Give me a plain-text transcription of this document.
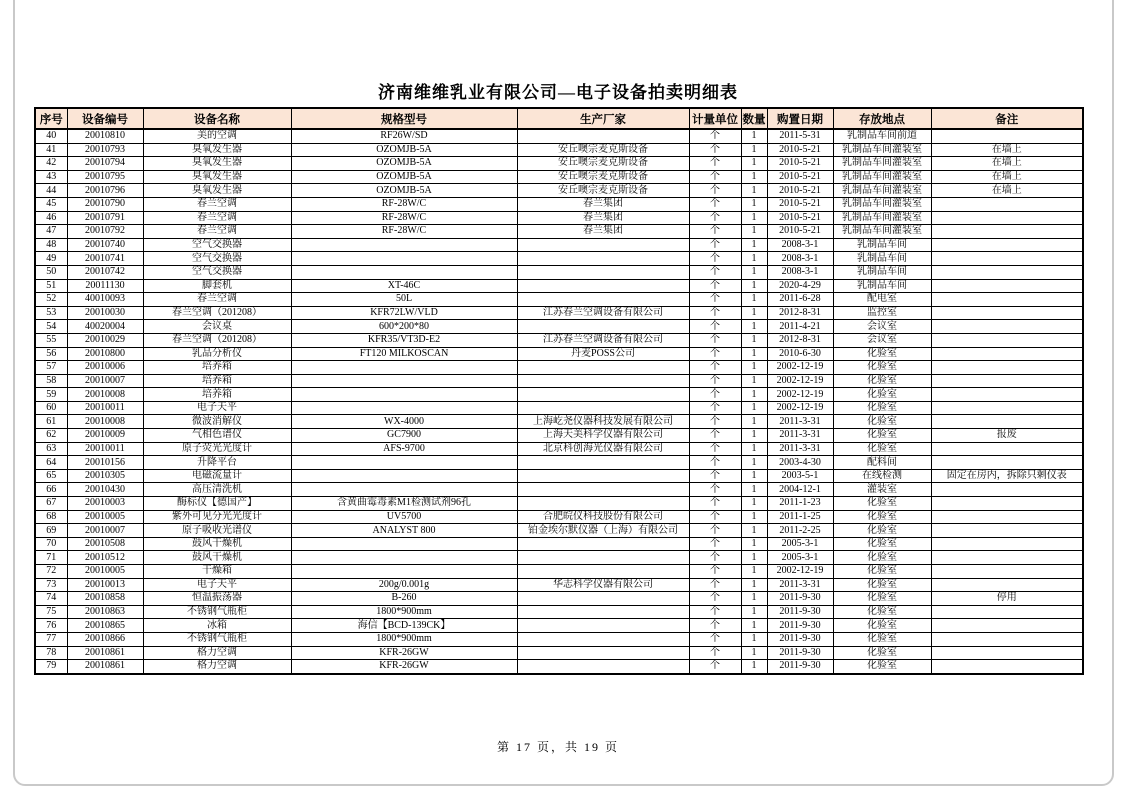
济南维维乳业有限公司—电子设备拍卖明细表
序号	设备编号	设备名称	规格型号	生产厂家	计量单位	数量	购置日期	存放地点	备注
40	20010810	美的空调	RF26W/SD		个	1	2011-5-31	乳制品车间前道	
41	20010793	臭氧发生器	OZOMJB-5A	安丘噢宗麦克斯设备	个	1	2010-5-21	乳制品车间灌装室	在墙上
42	20010794	臭氧发生器	OZOMJB-5A	安丘噢宗麦克斯设备	个	1	2010-5-21	乳制品车间灌装室	在墙上
43	20010795	臭氧发生器	OZOMJB-5A	安丘噢宗麦克斯设备	个	1	2010-5-21	乳制品车间灌装室	在墙上
44	20010796	臭氧发生器	OZOMJB-5A	安丘噢宗麦克斯设备	个	1	2010-5-21	乳制品车间灌装室	在墙上
45	20010790	春兰空调	RF-28W/C	春兰集团	个	1	2010-5-21	乳制品车间灌装室	
46	20010791	春兰空调	RF-28W/C	春兰集团	个	1	2010-5-21	乳制品车间灌装室	
47	20010792	春兰空调	RF-28W/C	春兰集团	个	1	2010-5-21	乳制品车间灌装室	
48	20010740	空气交换器			个	1	2008-3-1	乳制品车间	
49	20010741	空气交换器			个	1	2008-3-1	乳制品车间	
50	20010742	空气交换器			个	1	2008-3-1	乳制品车间	
51	20011130	脚套机	XT-46C		个	1	2020-4-29	乳制品车间	
52	40010093	春兰空调	50L		个	1	2011-6-28	配电室	
53	20010030	春兰空调（201208）	KFR72LW/VLD	江苏春兰空调设备有限公司	个	1	2012-8-31	监控室	
54	40020004	会议桌	600*200*80		个	1	2011-4-21	会议室	
55	20010029	春兰空调（201208）	KFR35/VT3D-E2	江苏春兰空调设备有限公司	个	1	2012-8-31	会议室	
56	20010800	乳品分析仪	FT120 MILKOSCAN	丹麦POSS公司	个	1	2010-6-30	化验室	
57	20010006	培养箱			个	1	2002-12-19	化验室	
58	20010007	培养箱			个	1	2002-12-19	化验室	
59	20010008	培养箱			个	1	2002-12-19	化验室	
60	20010011	电子天平			个	1	2002-12-19	化验室	
61	20010008	微波消解仪	WX-4000	上海屹尧仪器科技发展有限公司	个	1	2011-3-31	化验室	
62	20010009	气相色谱仪	GC7900	上海天美科学仪器有限公司	个	1	2011-3-31	化验室	报废
63	20010011	原子荧光光度计	AFS-9700	北京科创海光仪器有限公司	个	1	2011-3-31	化验室	
64	20010156	升降平台			个	1	2003-4-30	配料间	
65	20010305	电磁流量计			个	1	2003-5-1	在线检测	固定在房内，拆除只剩仪表
66	20010430	高压清洗机			个	1	2004-12-1	灌装室	
67	20010003	酶标仪【德国产】	含黄曲霉毒素M1检测试剂96孔		个	1	2011-1-23	化验室	
68	20010005	紫外可见分光光度计	UV5700	合肥皖仪科技股份有限公司	个	1	2011-1-25	化验室	
69	20010007	原子吸收光谱仪	ANALYST 800	铂金埃尔默仪器（上海）有限公司	个	1	2011-2-25	化验室	
70	20010508	鼓风干燥机			个	1	2005-3-1	化验室	
71	20010512	鼓风干燥机			个	1	2005-3-1	化验室	
72	20010005	干燥箱			个	1	2002-12-19	化验室	
73	20010013	电子天平	200g/0.001g	华志科学仪器有限公司	个	1	2011-3-31	化验室	
74	20010858	恒温振荡器	B-260		个	1	2011-9-30	化验室	停用
75	20010863	不锈钢气瓶柜	1800*900mm		个	1	2011-9-30	化验室	
76	20010865	冰箱	海信【BCD-139CK】		个	1	2011-9-30	化验室	
77	20010866	不锈钢气瓶柜	1800*900mm		个	1	2011-9-30	化验室	
78	20010861	格力空调	KFR-26GW		个	1	2011-9-30	化验室	
79	20010861	格力空调	KFR-26GW		个	1	2011-9-30	化验室	
第 17 页，共 19 页
